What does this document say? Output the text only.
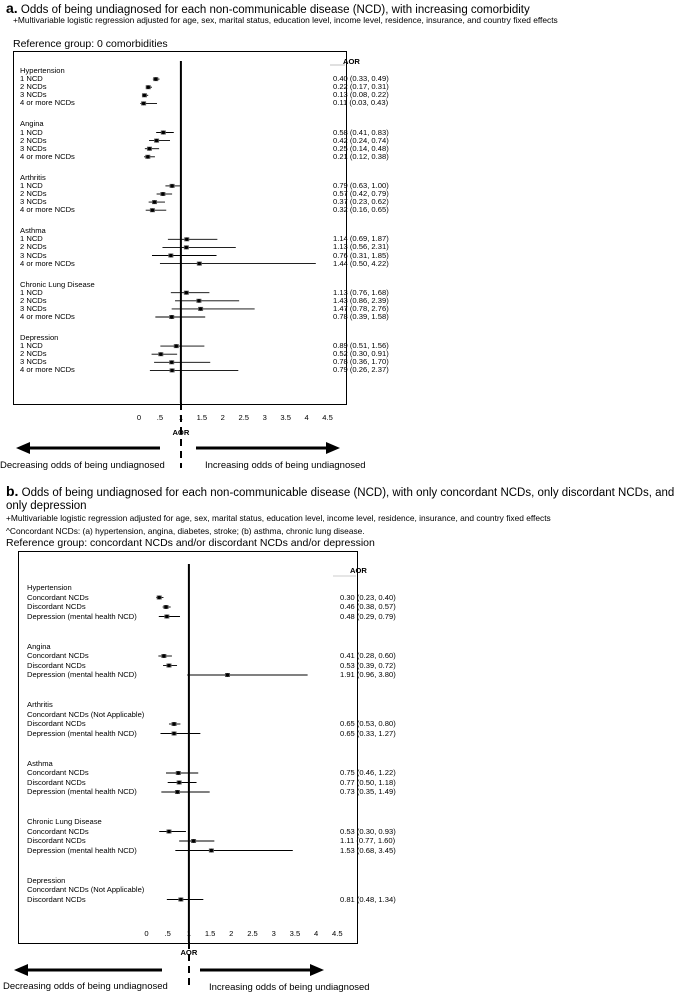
a. Odds of being undiagnosed for each non-communicable disease (NCD), with increasing comorbidity
+Multivariable logistic regression adjusted for age, sex, marital status, education level, income level, residence, insurance, and country fixed effects
Reference group: 0 comorbidities
b. Odds of being undiagnosed for each non-communicable disease (NCD), with only concordant NCDs, only discordant NCDs, and only depression
+Multivariable logistic regression adjusted for age, sex, marital status, education level, income level, residence, insurance, and country fixed effects
^Concordant NCDs: (a) hypertension, angina, diabetes, stroke; (b) asthma, chronic lung disease.
Reference group: concordant NCDs and/or discordant NCDs and/or depression
Decreasing odds of being undiagnosed	Increasing odds of being undiagnosed
Decreasing odds of being undiagnosed	Increasing odds of being undiagnosed
AOR
0 .5 1 1.5 2 2.5 3 3.5 4 4.5
AOR
Hypertension
1 NCD	0.40 (0.33, 0.49)
2 NCDs	0.22 (0.17, 0.31)
3 NCDs	0.13 (0.08, 0.22)
4 or more NCDs	0.11 (0.03, 0.43)
Angina
1 NCD	0.58 (0.41, 0.83)
2 NCDs	0.42 (0.24, 0.74)
3 NCDs	0.25 (0.14, 0.48)
4 or more NCDs	0.21 (0.12, 0.38)
Arthritis
1 NCD	0.79 (0.63, 1.00)
2 NCDs	0.57 (0.42, 0.79)
3 NCDs	0.37 (0.23, 0.62)
4 or more NCDs	0.32 (0.16, 0.65)
Asthma
1 NCD	1.14 (0.69, 1.87)
2 NCDs	1.13 (0.56, 2.31)
3 NCDs	0.76 (0.31, 1.85)
4 or more NCDs	1.44 (0.50, 4.22)
Chronic Lung Disease
1 NCD	1.13 (0.76, 1.68)
2 NCDs	1.43 (0.86, 2.39)
3 NCDs	1.47 (0.78, 2.76)
4 or more NCDs	0.78 (0.39, 1.58)
Depression
1 NCD	0.89 (0.51, 1.56)
2 NCDs	0.52 (0.30, 0.91)
3 NCDs	0.78 (0.36, 1.70)
4 or more NCDs	0.79 (0.26, 2.37)
AOR
0 .5 1 1.5 2 2.5 3 3.5 4 4.5
AOR
Hypertension
Concordant NCDs	0.30 (0.23, 0.40)
Discordant NCDs	0.46 (0.38, 0.57)
Depression (mental health NCD)	0.48 (0.29, 0.79)
Angina
Concordant NCDs	0.41 (0.28, 0.60)
Discordant NCDs	0.53 (0.39, 0.72)
Depression (mental health NCD)	1.91 (0.96, 3.80)
Arthritis
Concordant NCDs (Not Applicable)
Discordant NCDs	0.65 (0.53, 0.80)
Depression (mental health NCD)	0.65 (0.33, 1.27)
Asthma
Concordant NCDs	0.75 (0.46, 1.22)
Discordant NCDs	0.77 (0.50, 1.18)
Depression (mental health NCD)	0.73 (0.35, 1.49)
Chronic Lung Disease
Concordant NCDs	0.53 (0.30, 0.93)
Discordant NCDs	1.11 (0.77, 1.60)
Depression (mental health NCD)	1.53 (0.68, 3.45)
Depression
Concordant NCDs (Not Applicable)
Discordant NCDs	0.81 (0.48, 1.34)
